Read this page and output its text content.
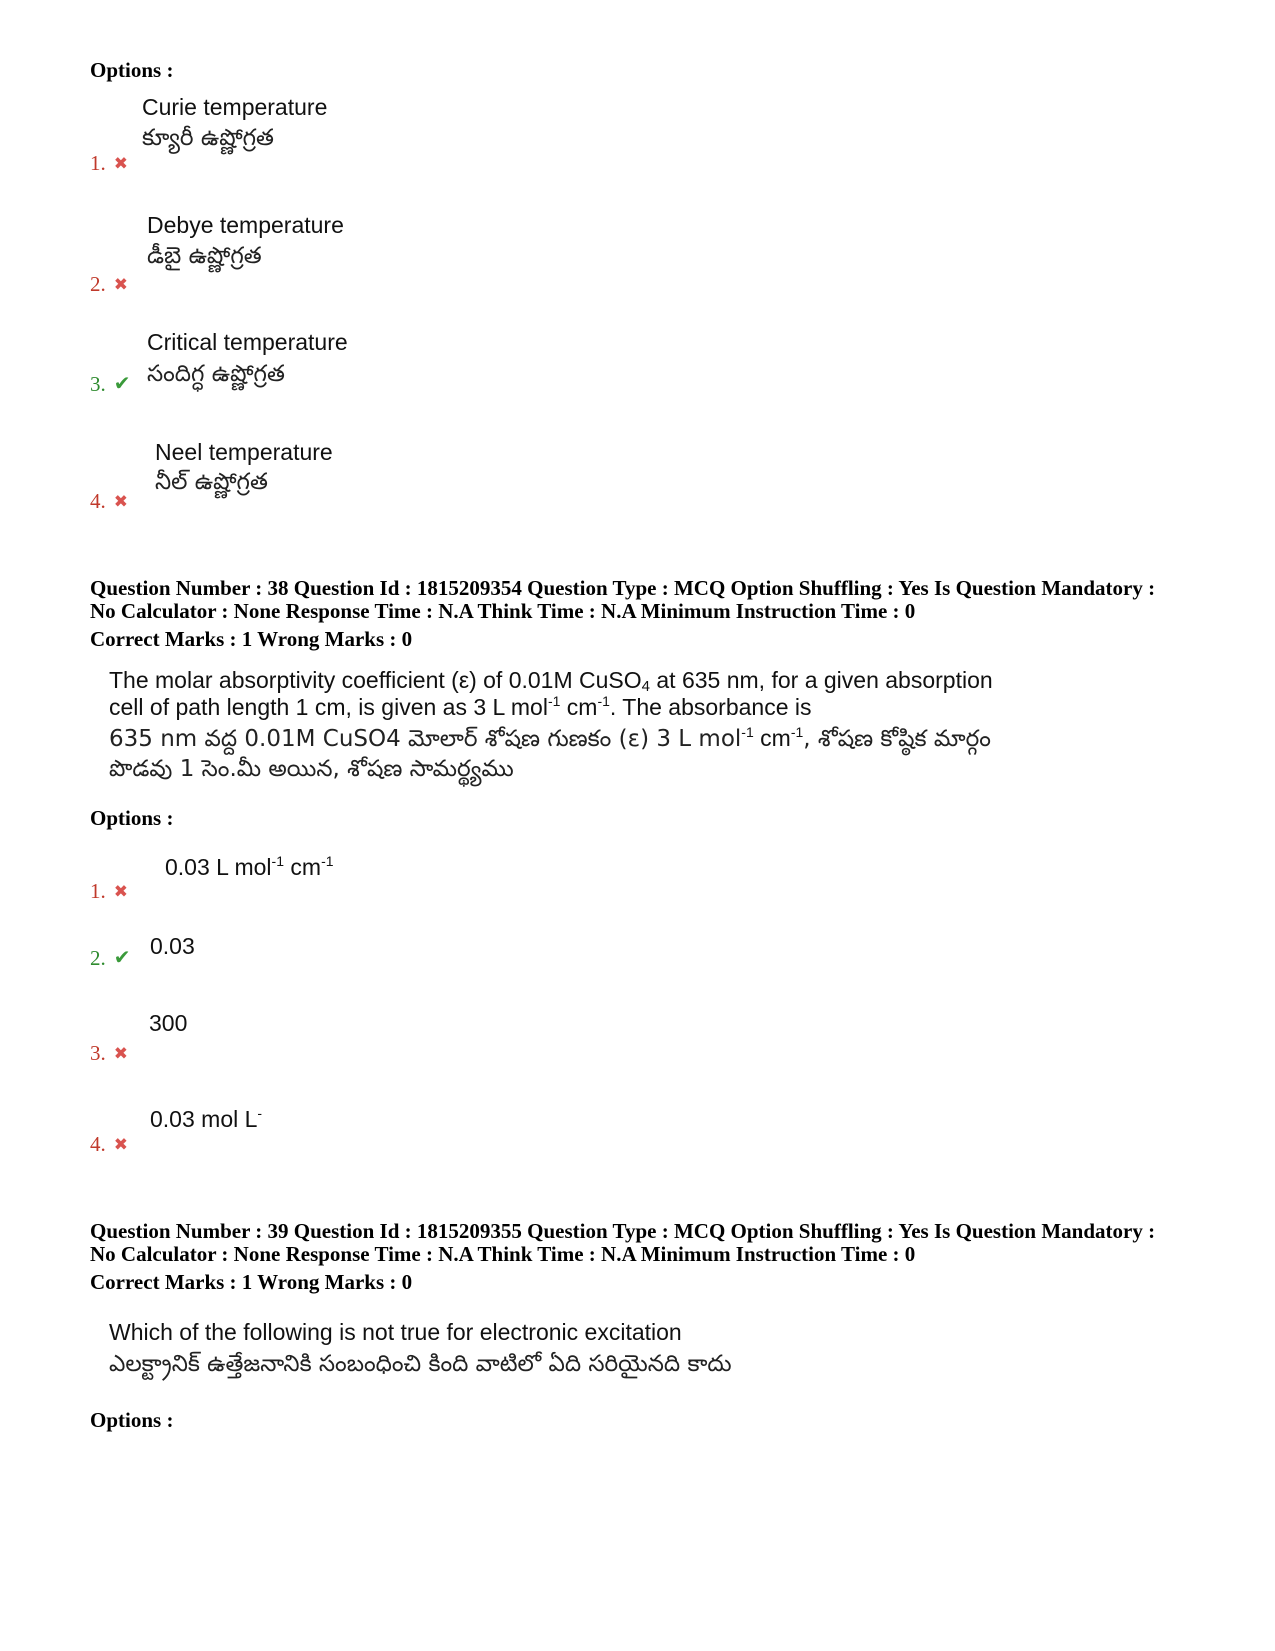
Options :
Curie temperature
క్యూరీ ఉష్ణోగ్రత
1. ✖
Debye temperature
డీబై ఉష్ణోగ్రత
2. ✖
Critical temperature
సందిగ్ధ ఉష్ణోగ్రత
3. ✔
Neel temperature
నీల్ ఉష్ణోగ్రత
4. ✖
Question Number : 38 Question Id : 1815209354 Question Type : MCQ Option Shuffling : Yes Is Question Mandatory :
No Calculator : None Response Time : N.A Think Time : N.A Minimum Instruction Time : 0
Correct Marks : 1 Wrong Marks : 0
The molar absorptivity coefficient (ε) of 0.01M CuSO$_4$ at 635 nm, for a given absorption
cell of path length 1 cm, is given as 3 L mol$^{-1}$ $cm^{-1}$. The absorbance is
635 nm వద్ద 0.01M CuSO4 మోలార్ శోషణ గుణకం (ε) 3 L mol$^{-1}$ $cm^{-1}$, శోషణ కోష్ఠిక మార్గం
పొడవు 1 సెం.మీ అయిన, శోషణ సామర్థ్యము
Options :
0.03 L mol$^{-1}$ $cm^{-1}$
1. ✖
0.03
2. ✔
300
3. ✖
0.03 mol L-
4. ✖
Question Number : 39 Question Id : 1815209355 Question Type : MCQ Option Shuffling : Yes Is Question Mandatory :
No Calculator : None Response Time : N.A Think Time : N.A Minimum Instruction Time : 0
Correct Marks : 1 Wrong Marks : 0
Which of the following is not true for electronic excitation
ఎలక్ట్రానిక్ ఉత్తేజనానికి సంబంధించి కింది వాటిలో ఏది సరియైనది కాదు
Options :
